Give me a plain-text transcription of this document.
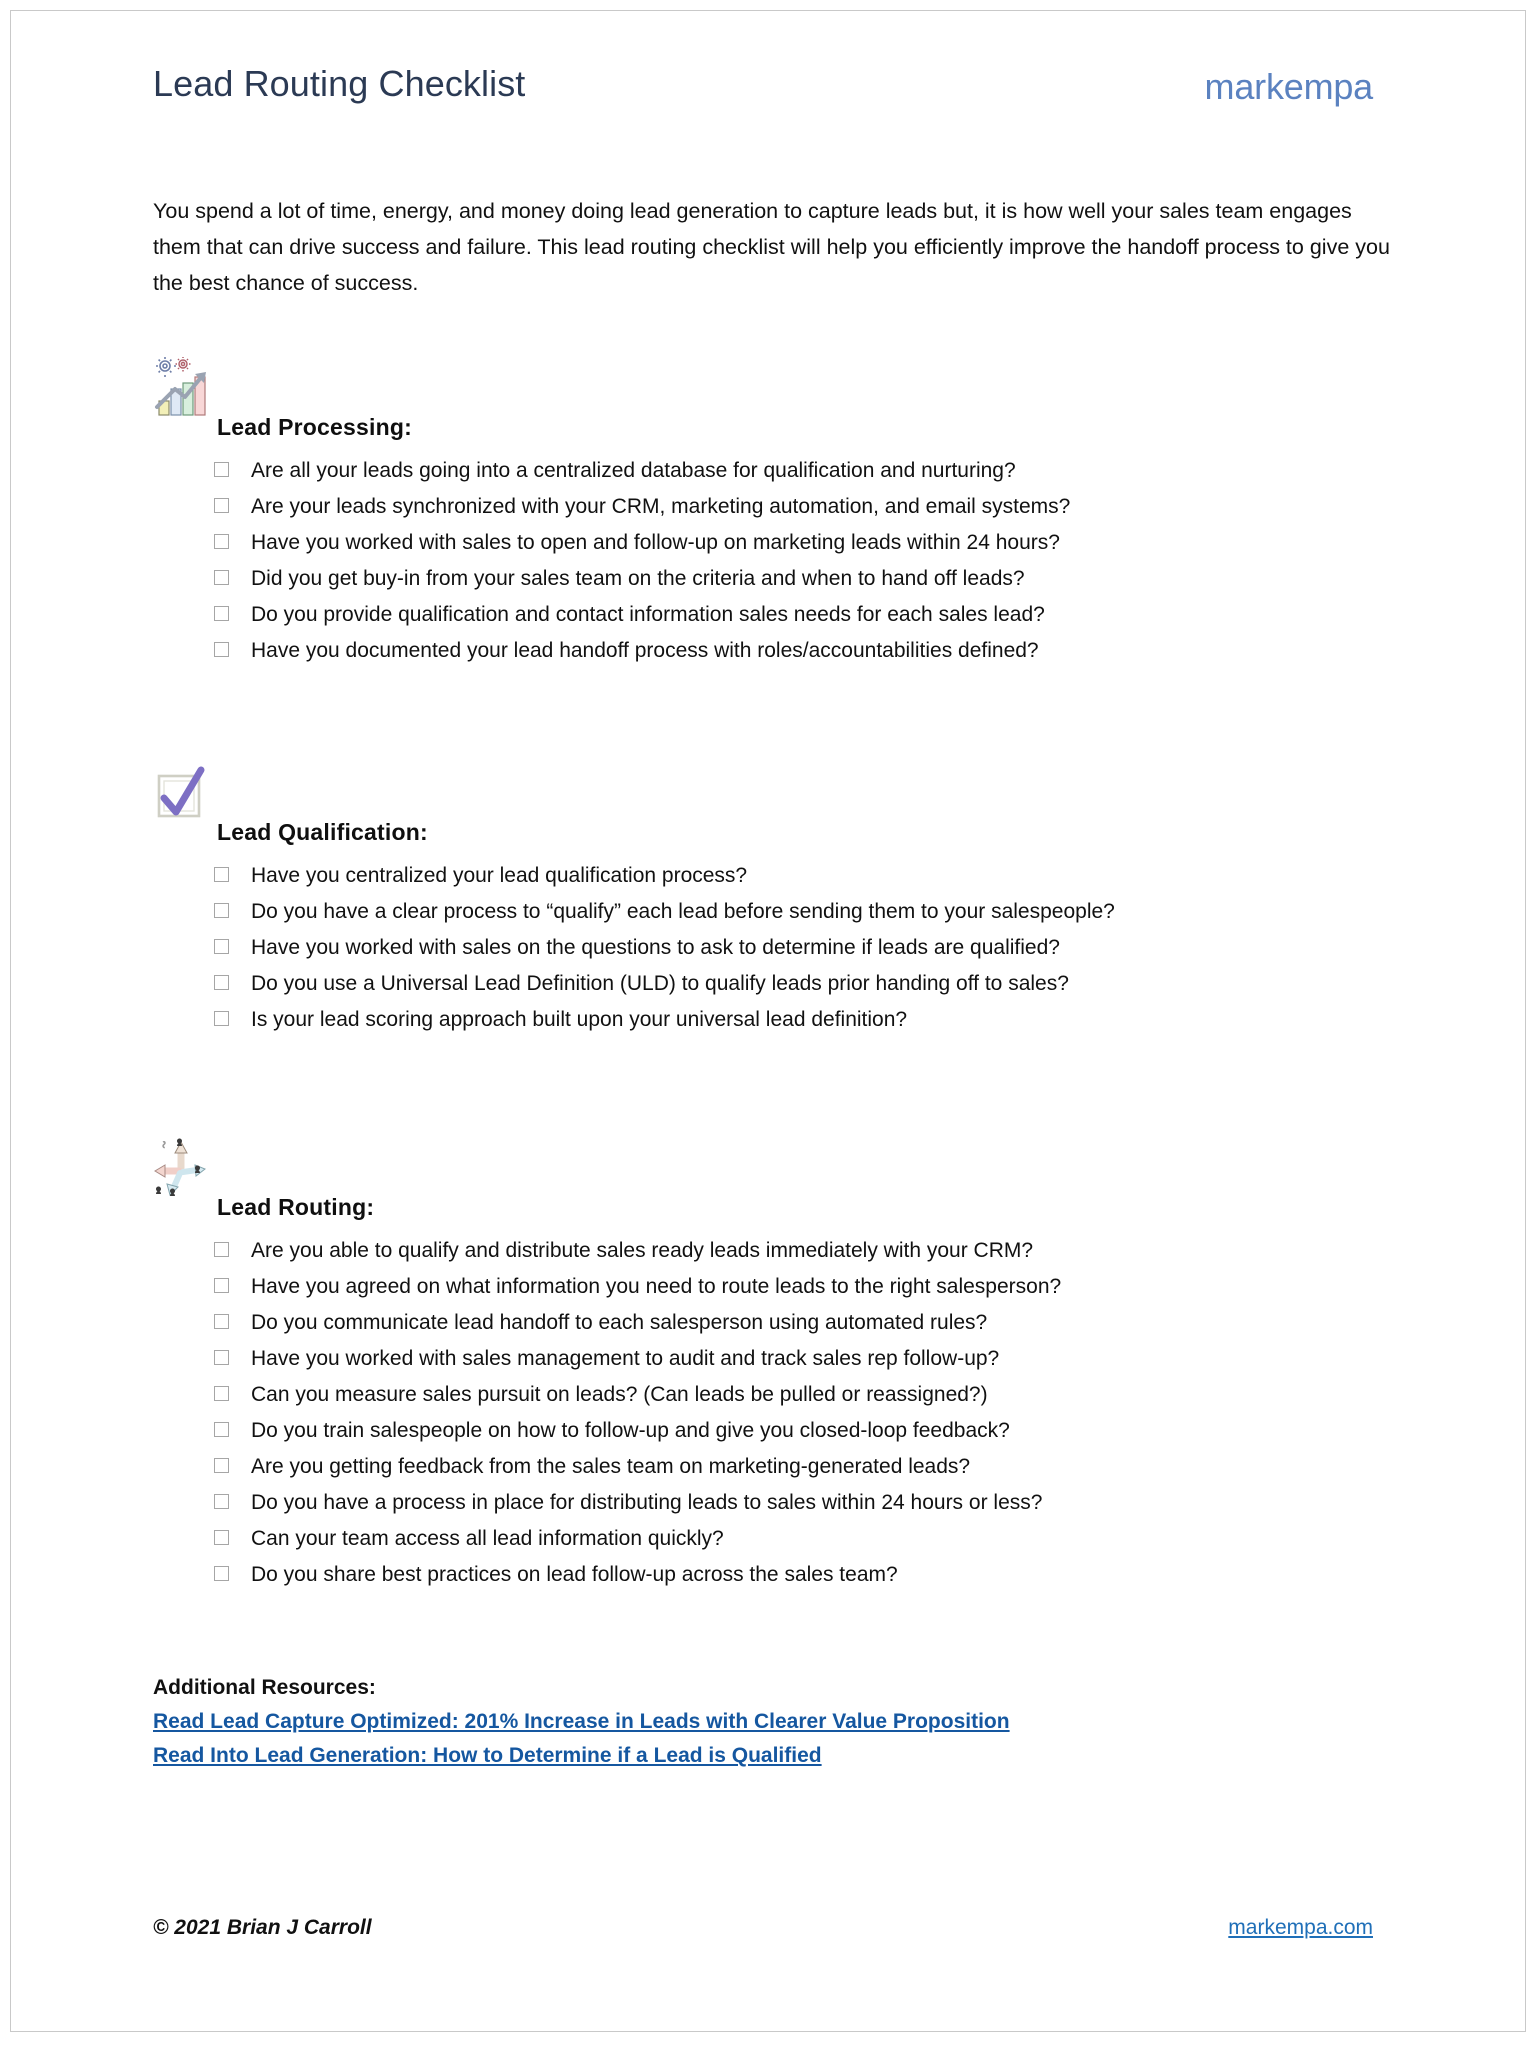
Lead Routing Checklist	markempa
You spend a lot of time, energy, and money doing lead generation to capture leads but, it is how well your sales team engages them that can drive success and failure. This lead routing checklist will help you efficiently improve the handoff process to give you the best chance of success.
Lead Processing:
Are all your leads going into a centralized database for qualification and nurturing?
Are your leads synchronized with your CRM, marketing automation, and email systems?
Have you worked with sales to open and follow-up on marketing leads within 24 hours?
Did you get buy-in from your sales team on the criteria and when to hand off leads?
Do you provide qualification and contact information sales needs for each sales lead?
Have you documented your lead handoff process with roles/accountabilities defined?
Lead Qualification:
Have you centralized your lead qualification process?
Do you have a clear process to “qualify” each lead before sending them to your salespeople?
Have you worked with sales on the questions to ask to determine if leads are qualified?
Do you use a Universal Lead Definition (ULD) to qualify leads prior handing off to sales?
Is your lead scoring approach built upon your universal lead definition?
Lead Routing:
Are you able to qualify and distribute sales ready leads immediately with your CRM?
Have you agreed on what information you need to route leads to the right salesperson?
Do you communicate lead handoff to each salesperson using automated rules?
Have you worked with sales management to audit and track sales rep follow-up?
Can you measure sales pursuit on leads? (Can leads be pulled or reassigned?)
Do you train salespeople on how to follow-up and give you closed-loop feedback?
Are you getting feedback from the sales team on marketing-generated leads?
Do you have a process in place for distributing leads to sales within 24 hours or less?
Can your team access all lead information quickly?
Do you share best practices on lead follow-up across the sales team?
Additional Resources:
Read Lead Capture Optimized: 201% Increase in Leads with Clearer Value Proposition
Read Into Lead Generation: How to Determine if a Lead is Qualified
© 2021 Brian J Carroll	markempa.com
